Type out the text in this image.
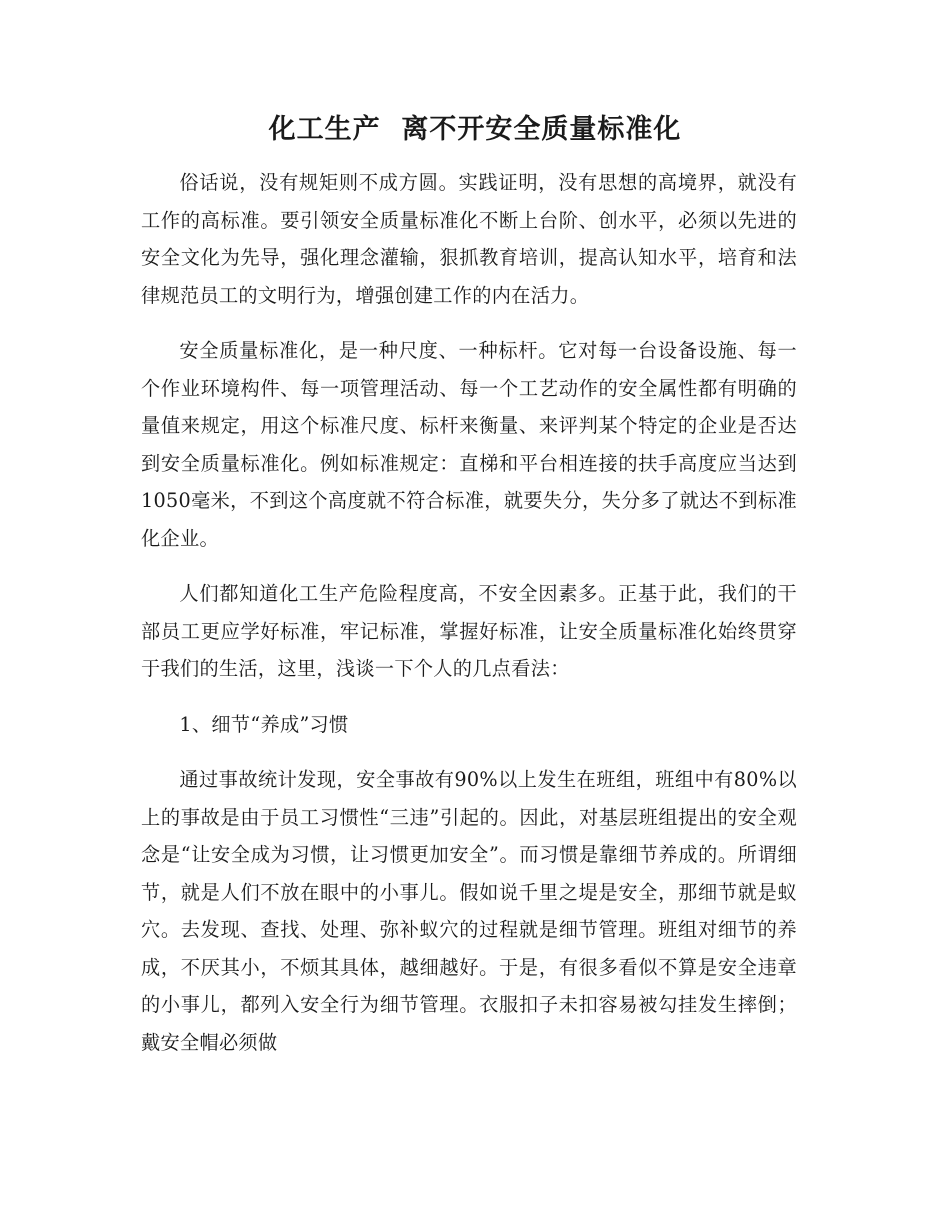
化工生产  离不开安全质量标准化

俗话说，没有规矩则不成方圆。实践证明，没有思想的高境界，就没有工作的高标准。要引领安全质量标准化不断上台阶、创水平，必须以先进的安全文化为先导，强化理念灌输，狠抓教育培训，提高认知水平，培育和法律规范员工的文明行为，增强创建工作的内在活力。

安全质量标准化，是一种尺度、一种标杆。它对每一台设备设施、每一个作业环境构件、每一项管理活动、每一个工艺动作的安全属性都有明确的量值来规定，用这个标准尺度、标杆来衡量、来评判某个特定的企业是否达到安全质量标准化。例如标准规定：直梯和平台相连接的扶手高度应当达到1050毫米，不到这个高度就不符合标准，就要失分，失分多了就达不到标准化企业。

人们都知道化工生产危险程度高，不安全因素多。正基于此，我们的干部员工更应学好标准，牢记标准，掌握好标准，让安全质量标准化始终贯穿于我们的生活，这里，浅谈一下个人的几点看法：

1、细节“养成”习惯

通过事故统计发现，安全事故有90%以上发生在班组，班组中有80%以上的事故是由于员工习惯性“三违”引起的。因此，对基层班组提出的安全观念是“让安全成为习惯，让习惯更加安全”。而习惯是靠细节养成的。所谓细节，就是人们不放在眼中的小事儿。假如说千里之堤是安全，那细节就是蚁穴。去发现、查找、处理、弥补蚁穴的过程就是细节管理。班组对细节的养成，不厌其小，不烦其具体，越细越好。于是，有很多看似不算是安全违章的小事儿，都列入安全行为细节管理。衣服扣子未扣容易被勾挂发生摔倒；戴安全帽必须做
